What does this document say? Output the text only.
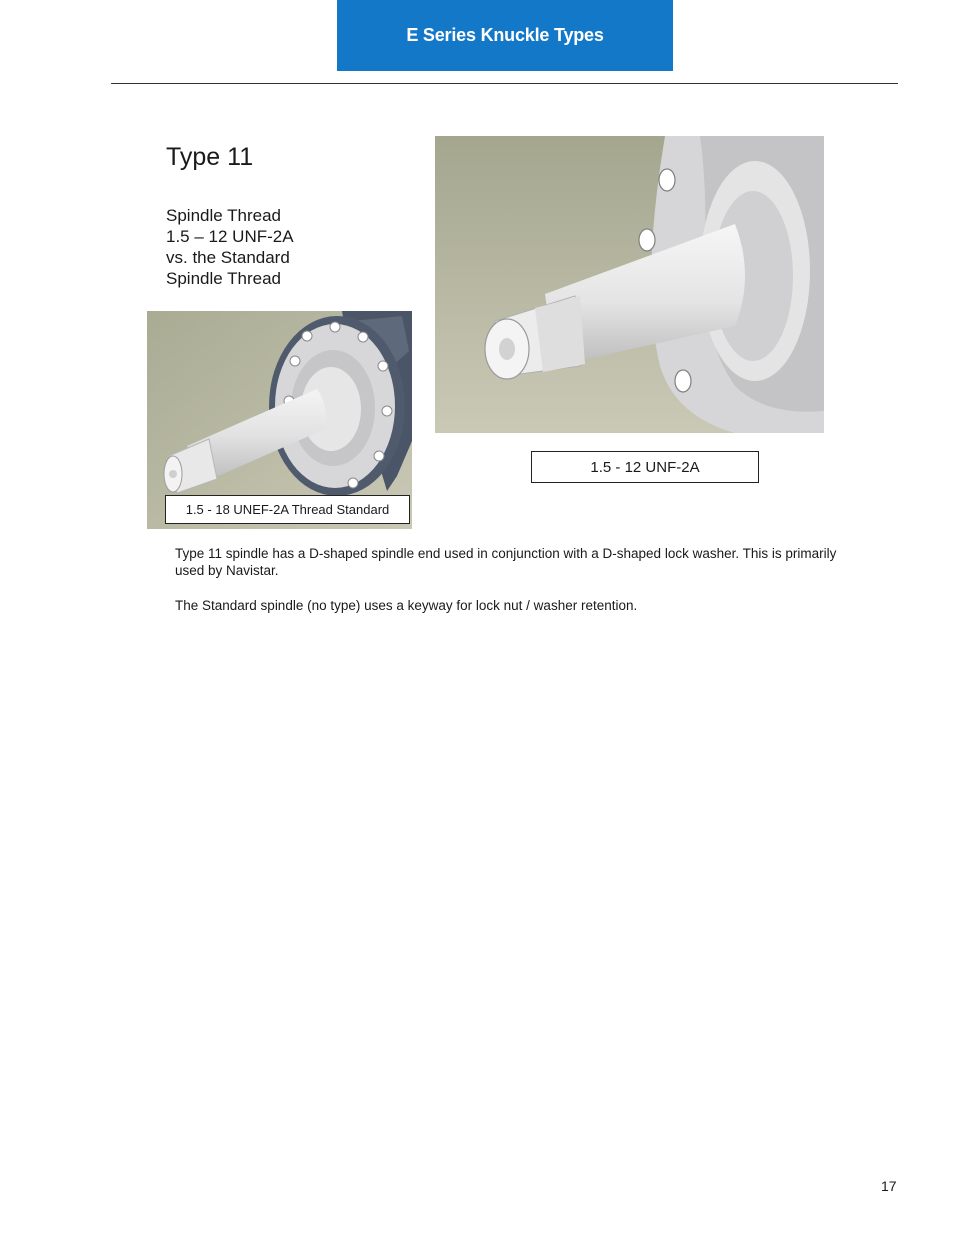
E Series Knuckle Types
Type 11
Spindle Thread
1.5 – 12 UNF-2A
vs. the Standard
Spindle Thread
1.5 - 18 UNEF-2A Thread Standard
1.5 - 12 UNF-2A

Type 11 spindle has a D-shaped spindle end used in conjunction with a D-shaped lock washer. This is primarily used by Navistar.

The Standard spindle (no type) uses a keyway for lock nut / washer retention.

17
